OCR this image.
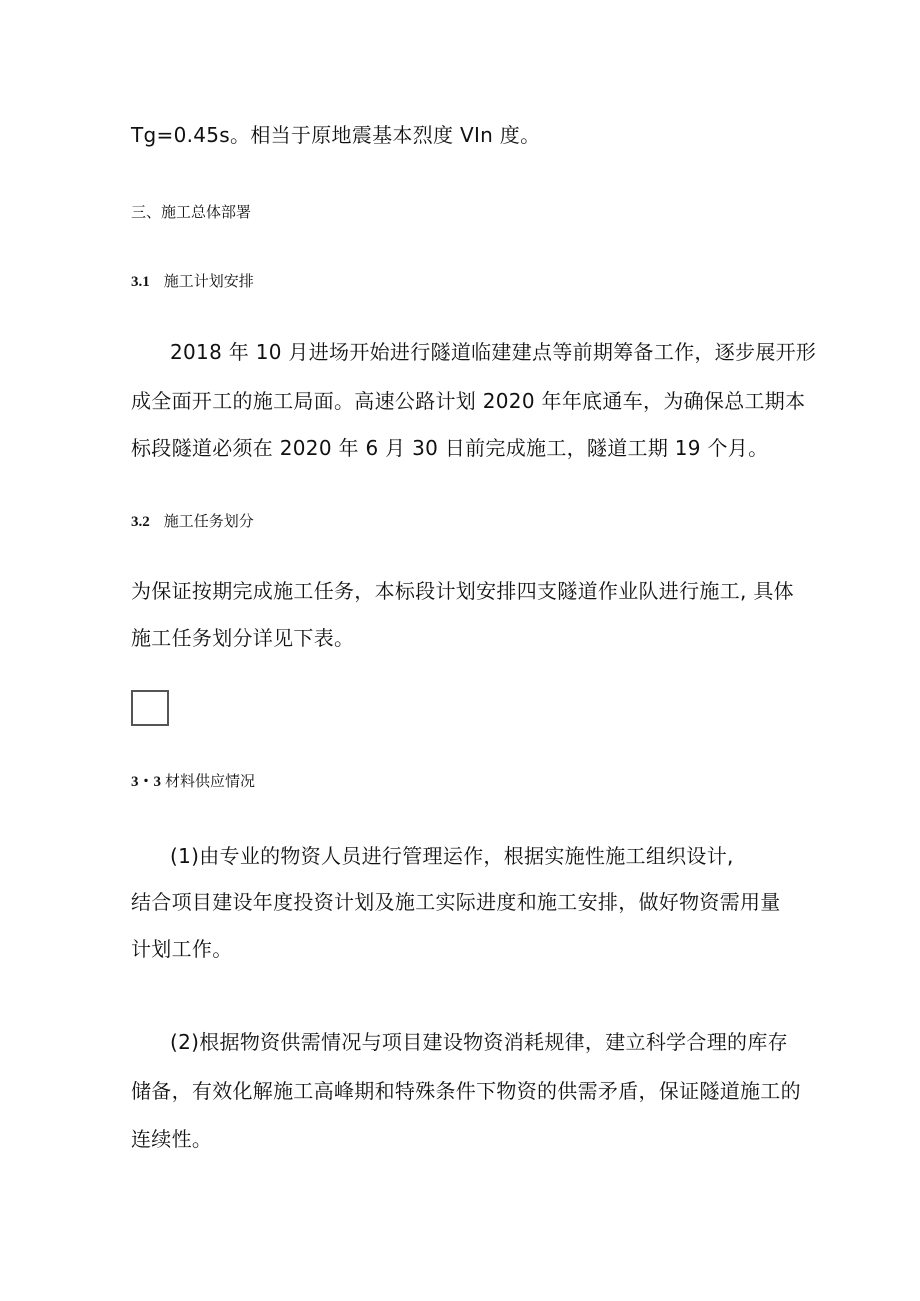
Tg=0.45s。相当于原地震基本烈度 VIn 度。
三、施工总体部署
3.1 施工计划安排
2018 年 10 月进场开始进行隧道临建建点等前期筹备工作，逐步展开形
成全面开工的施工局面。高速公路计划 2020 年年底通车，为确保总工期本
标段隧道必须在 2020 年 6 月 30 日前完成施工，隧道工期 19 个月。
3.2 施工任务划分
为保证按期完成施工任务，本标段计划安排四支隧道作业队进行施工, 具体
施工任务划分详见下表。
3・3 材料供应情况
(1)由专业的物资人员进行管理运作，根据实施性施工组织设计,
结合项目建设年度投资计划及施工实际进度和施工安排，做好物资需用量
计划工作。
(2)根据物资供需情况与项目建设物资消耗规律，建立科学合理的库存
储备，有效化解施工高峰期和特殊条件下物资的供需矛盾，保证隧道施工的
连续性。
